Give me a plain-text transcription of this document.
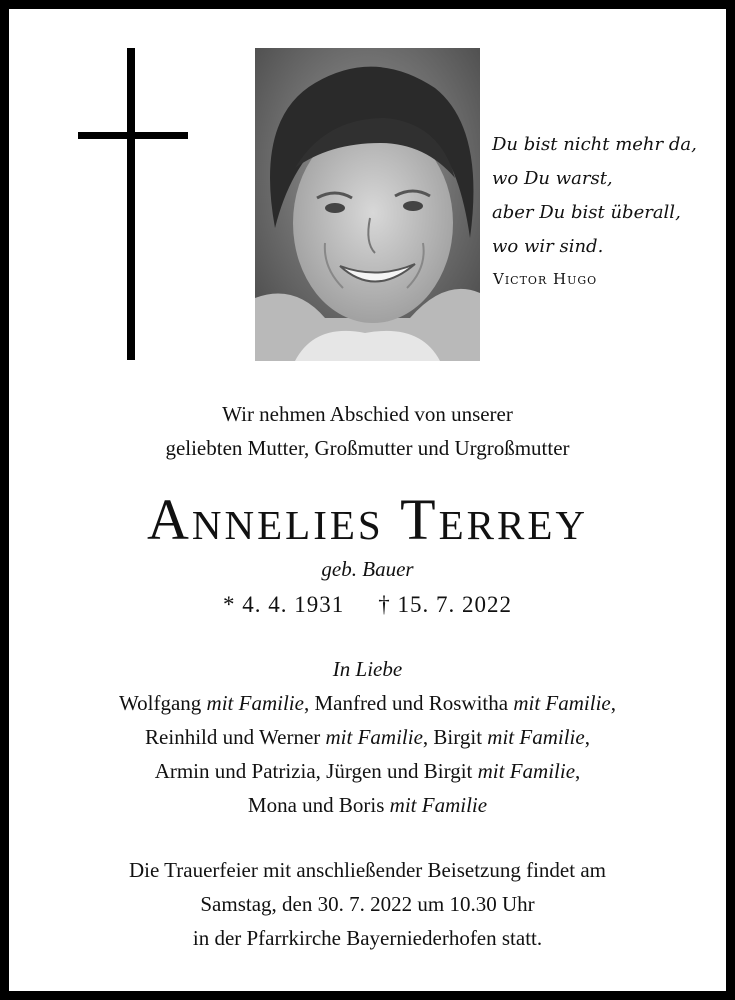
Du bist nicht mehr da,
wo Du warst,
aber Du bist überall,
wo wir sind.
Victor Hugo
Wir nehmen Abschied von unserer
geliebten Mutter, Großmutter und Urgroßmutter
Annelies Terrey
geb. Bauer
* 4. 4. 1931 † 15. 7. 2022
In Liebe
Wolfgang mit Familie, Manfred und Roswitha mit Familie,
Reinhild und Werner mit Familie, Birgit mit Familie,
Armin und Patrizia, Jürgen und Birgit mit Familie,
Mona und Boris mit Familie
Die Trauerfeier mit anschließender Beisetzung findet am
Samstag, den 30. 7. 2022 um 10.30 Uhr
in der Pfarrkirche Bayerniederhofen statt.
